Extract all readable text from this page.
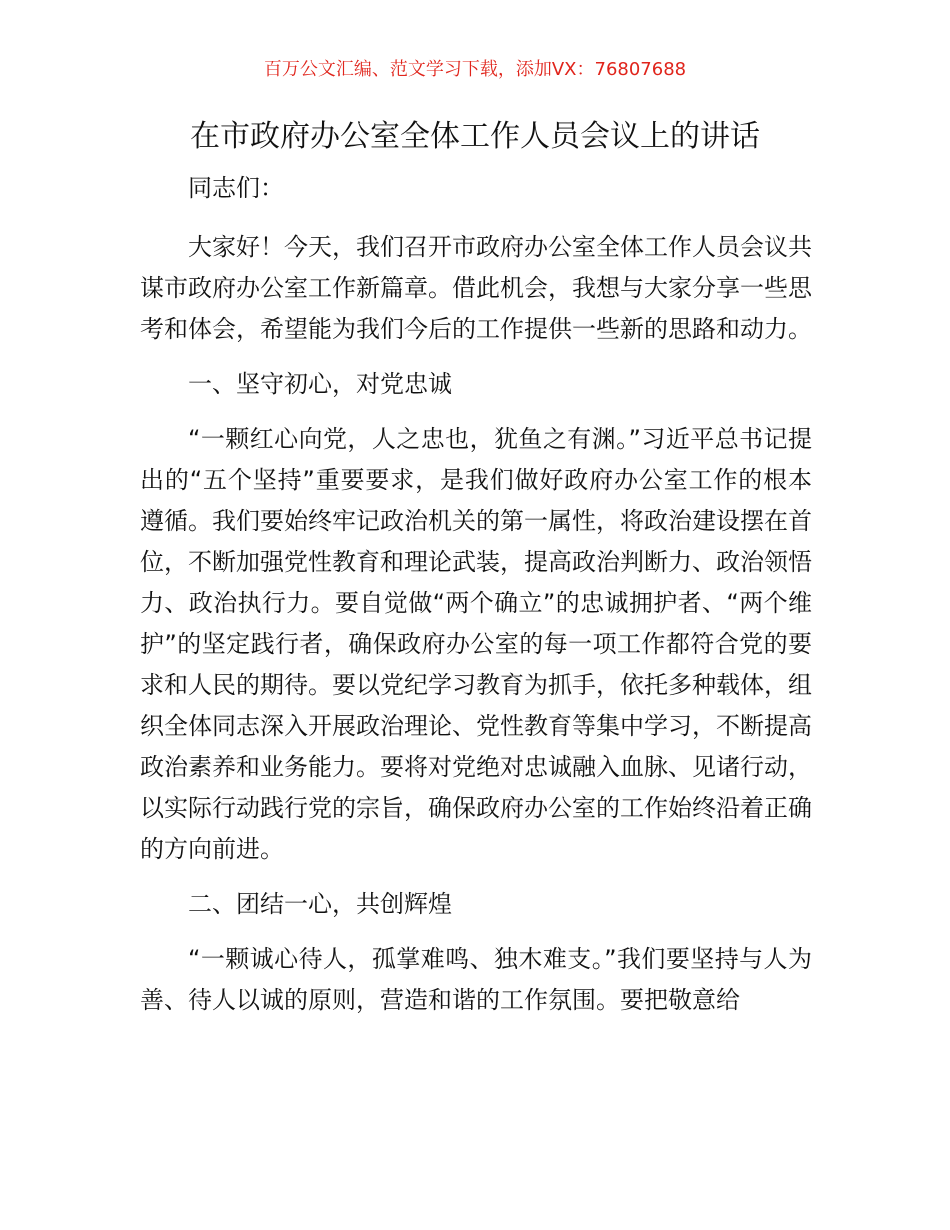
百万公文汇编、范文学习下载，添加VX：76807688
在市政府办公室全体工作人员会议上的讲话

同志们：

大家好！今天，我们召开市政府办公室全体工作人员会议共谋市政府办公室工作新篇章。借此机会，我想与大家分享一些思考和体会，希望能为我们今后的工作提供一些新的思路和动力。

一、坚守初心，对党忠诚

“一颗红心向党，人之忠也，犹鱼之有渊。”习近平总书记提出的“五个坚持”重要要求，是我们做好政府办公室工作的根本遵循。我们要始终牢记政治机关的第一属性，将政治建设摆在首位，不断加强党性教育和理论武装，提高政治判断力、政治领悟力、政治执行力。要自觉做“两个确立”的忠诚拥护者、“两个维护”的坚定践行者，确保政府办公室的每一项工作都符合党的要求和人民的期待。要以党纪学习教育为抓手，依托多种载体，组织全体同志深入开展政治理论、党性教育等集中学习，不断提高政治素养和业务能力。要将对党绝对忠诚融入血脉、见诸行动，以实际行动践行党的宗旨，确保政府办公室的工作始终沿着正确的方向前进。

二、团结一心，共创辉煌

“一颗诚心待人，孤掌难鸣、独木难支。”我们要坚持与人为善、待人以诚的原则，营造和谐的工作氛围。要把敬意给
